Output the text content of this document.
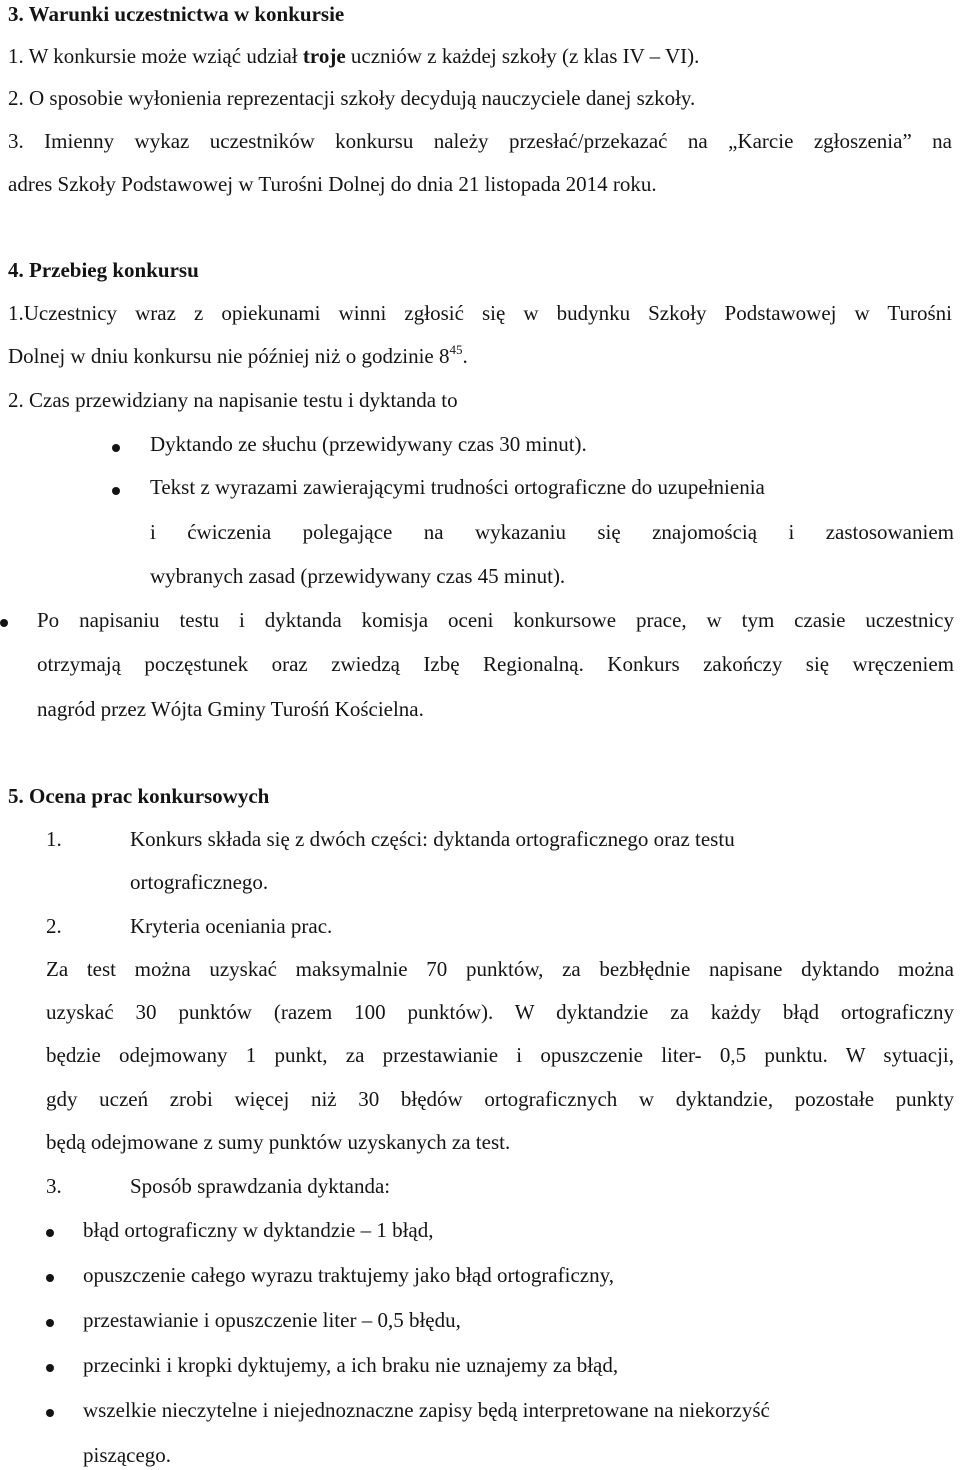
3. Warunki uczestnictwa w konkursie
1. W konkursie może wziąć udział troje uczniów z każdej szkoły (z klas IV – VI).
2. O sposobie wyłonienia reprezentacji szkoły decydują nauczyciele danej szkoły.
3. Imienny wykaz uczestników konkursu należy przesłać/przekazać na „Karcie zgłoszenia” na
adres Szkoły Podstawowej w Turośni Dolnej do dnia 21 listopada 2014 roku.
4. Przebieg konkursu
1.Uczestnicy wraz z opiekunami winni zgłosić się w budynku Szkoły Podstawowej w Turośni
Dolnej w dniu konkursu nie później niż o godzinie $8^{45}$.
2. Czas przewidziany na napisanie testu i dyktanda to
Dyktando ze słuchu (przewidywany czas 30 minut).
Tekst z wyrazami zawierającymi trudności ortograficzne do uzupełnienia
i ćwiczenia polegające na wykazaniu się znajomością i zastosowaniem
wybranych zasad (przewidywany czas 45 minut).
Po napisaniu testu i dyktanda komisja oceni konkursowe prace, w tym czasie uczestnicy
otrzymają poczęstunek oraz zwiedzą Izbę Regionalną. Konkurs zakończy się wręczeniem
nagród przez Wójta Gminy Turośń Kościelna.
5. Ocena prac konkursowych
1.	Konkurs składa się z dwóch części: dyktanda ortograficznego oraz testu
ortograficznego.
2.	Kryteria oceniania prac.
Za test można uzyskać maksymalnie 70 punktów, za bezbłędnie napisane dyktando można
uzyskać 30 punktów (razem 100 punktów). W dyktandzie za każdy błąd ortograficzny
będzie odejmowany 1 punkt, za przestawianie i opuszczenie liter- 0,5 punktu. W sytuacji,
gdy uczeń zrobi więcej niż 30 błędów ortograficznych w dyktandzie, pozostałe punkty
będą odejmowane z sumy punktów uzyskanych za test.
3.	Sposób sprawdzania dyktanda:
błąd ortograficzny w dyktandzie – 1 błąd,
opuszczenie całego wyrazu traktujemy jako błąd ortograficzny,
przestawianie i opuszczenie liter – 0,5 błędu,
przecinki i kropki dyktujemy, a ich braku nie uznajemy za błąd,
wszelkie nieczytelne i niejednoznaczne zapisy będą interpretowane na niekorzyść
piszącego.
